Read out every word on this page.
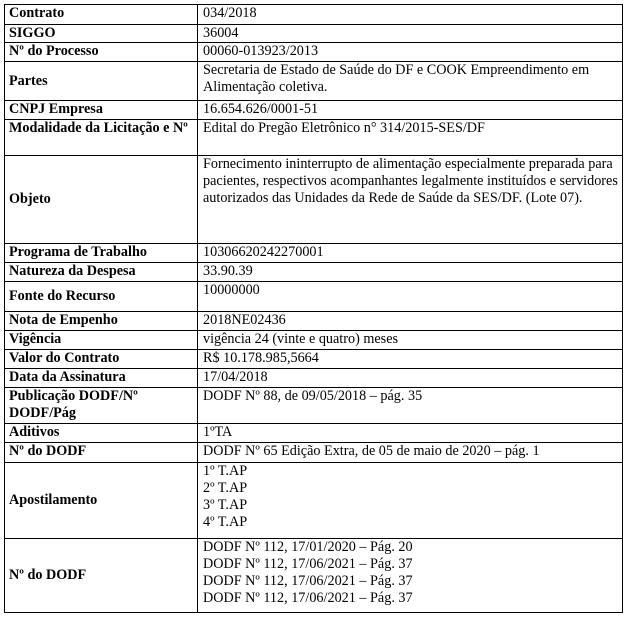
Contrato	034/2018
SIGGO	36004
Nº do Processo	00060-013923/2013
Partes	Secretaria de Estado de Saúde do DF e COOK Empreendimento em Alimentação coletiva.
CNPJ Empresa	16.654.626/0001-51
Modalidade da Licitação e Nº	Edital do Pregão Eletrônico n° 314/2015-SES/DF
Objeto	Fornecimento ininterrupto de alimentação especialmente preparada para pacientes, respectivos acompanhantes legalmente instituídos e servidores autorizados das Unidades da Rede de Saúde da SES/DF. (Lote 07).
Programa de Trabalho	10306620242270001
Natureza da Despesa	33.90.39
Fonte do Recurso	10000000
Nota de Empenho	2018NE02436
Vigência	vigência 24 (vinte e quatro) meses
Valor do Contrato	R$ 10.178.985,5664
Data da Assinatura	17/04/2018
Publicação DODF/Nº DODF/Pág	DODF Nº 88, de 09/05/2018 – pág. 35
Aditivos	1ºTA
Nº do DODF	DODF Nº 65 Edição Extra, de 05 de maio de 2020 – pág. 1
Apostilamento	1º T.AP
2º T.AP
3º T.AP
4º T.AP

Nº do DODF	DODF Nº 112, 17/01/2020 – Pág. 20
DODF Nº 112, 17/06/2021 – Pág. 37
DODF Nº 112, 17/06/2021 – Pág. 37
DODF Nº 112, 17/06/2021 – Pág. 37
